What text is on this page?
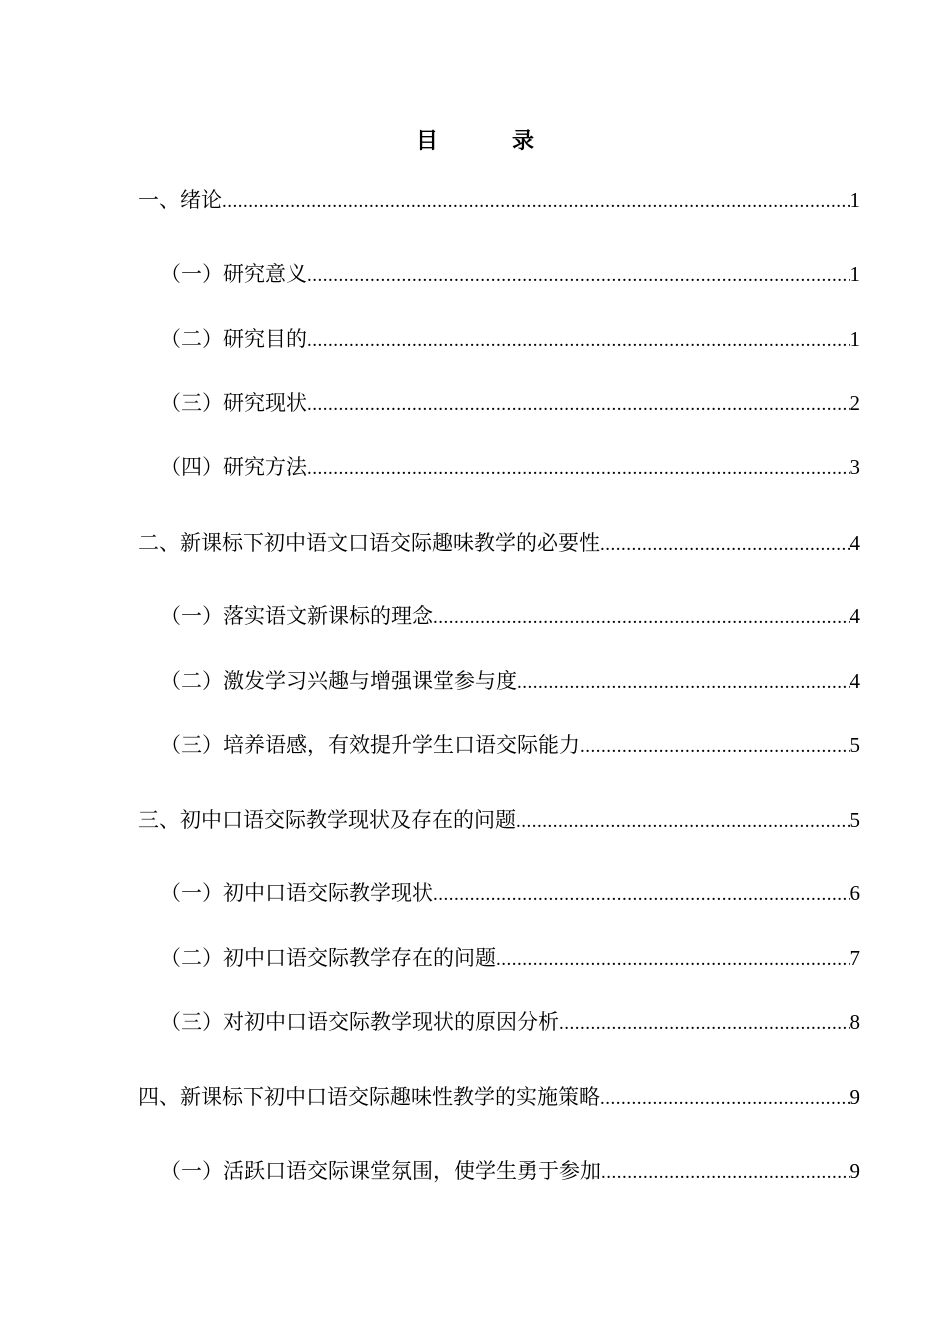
目　录
一、绪论 .....	1
（一）研究意义 .....	1
（二）研究目的 .....	1
（三）研究现状 .....	2
（四）研究方法 .....	3
二、新课标下初中语文口语交际趣味教学的必要性 .....	4
（一）落实语文新课标的理念 .....	4
（二）激发学习兴趣与增强课堂参与度 .....	4
（三）培养语感，有效提升学生口语交际能力 .....	5
三、初中口语交际教学现状及存在的问题 .....	5
（一）初中口语交际教学现状 .....	6
（二）初中口语交际教学存在的问题 .....	7
（三）对初中口语交际教学现状的原因分析 .....	8
四、新课标下初中口语交际趣味性教学的实施策略 .....	9
（一）活跃口语交际课堂氛围，使学生勇于参加 .....	9
